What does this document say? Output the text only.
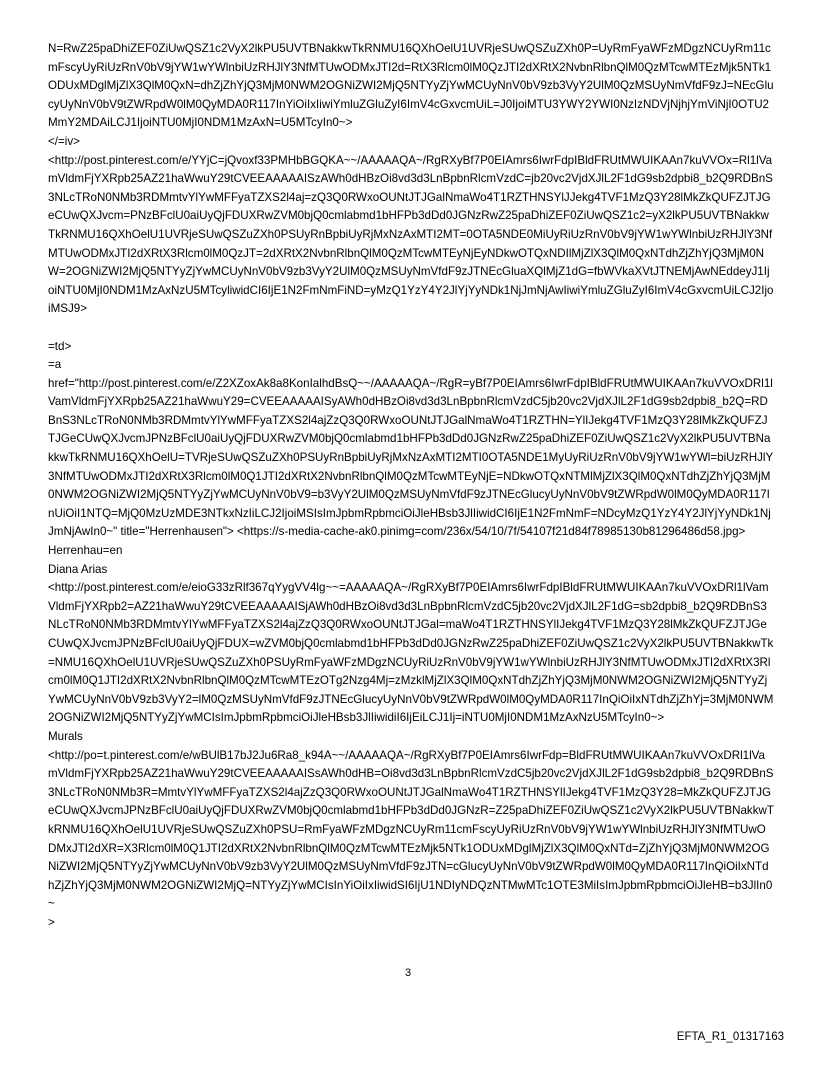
N=RwZ25paDhiZEF0ZiUwQSZ1c2VyX2lkPU5UVTBNakkwTkRNMU16QXhOelU1UVRjeSUwQSZuZXh0P=UyRmFyaWFzMDgzNCUyRm11cmFscyUyRiUzRnV0bV9jYW1wYWlnbiUzRHJlY3NfMTUwODMxJTI2d=RtX3Rlcm0lM0QzJTI2dXRtX2NvbnRlbnQlM0QzMTcwMTEzMjk5NTk1ODUxMDglMjZlX3QlM0QxN=dhZjZhYjQ3MjM0NWM2OGNiZWI2MjQ5NTYyZjYwMCUyNnV0bV9zb3VyY2UlM0QzMSUyNmVfdF9zJ=NEcGlucyUyNnV0bV9tZWRpdW0lM0QyMDA0R117InYiOiIxIiwiYmluZGluZyI6ImV4cGxvcmUiL=J0IjoiMTU3YWY2YWI0NzIzNDVjNjhjYmViNjI0OTU2MmY2MDAiLCJ1IjoiNTU0MjI0NDM1MzAxN=U5MTcyIn0~>
</=iv>
<http://post.pinterest.com/e/YYjC=jQvoxf33PMHbBGQKA~~/AAAAAQA~/RgRXyBf7P0EIAmrs6IwrFdpIBldFRUtMWUIKAAn7kuVVOx=Rl1lVamVldmFjYXRpb25AZ21haWwuY29tCVEEAAAAAISzAWh0dHBzOi8vd3d3LnBpbnRlcmVzdC=jb20vc2VjdXJlL2F1dG9sb2dpbi8_b2Q9RDBnS3NLcTRoN0NMb3RDMmtvYlYwMFFyaTZXS2l4aj=zQ3Q0RWxoOUNtJTJGalNmaWo4T1RZTHNSYlJJekg4TVF1MzQ3Y28lMkZkQUFZJTJGeCUwQXJvcm=PNzBFclU0aiUyQjFDUXRwZVM0bjQ0cmlabmd1bHFPb3dDd0JGNzRwZ25paDhiZEF0ZiUwQSZ1c2=yX2lkPU5UVTBNakkwTkRNMU16QXhOelU1UVRjeSUwQSZuZXh0PSUyRnBpbiUyRjMxNzAxMTI2MT=0OTA5NDE0MiUyRiUzRnV0bV9jYW1wYWlnbiUzRHJlY3NfMTUwODMxJTI2dXRtX3Rlcm0lM0QzJT=2dXRtX2NvbnRlbnQlM0QzMTcwMTEyNjEyNDkwOTQxNDIlMjZlX3QlM0QxNTdhZjZhYjQ3MjM0NW=2OGNiZWI2MjQ5NTYyZjYwMCUyNnV0bV9zb3VyY2UlM0QzMSUyNmVfdF9zJTNEcGluaXQlMjZ1dG=fbWVkaXVtJTNEMjAwNEddeyJ1IjoiNTU0MjI0NDM1MzAxNzU5MTcyliwidCI6IjE1N2FmNmFiND=yMzQ1YzY4Y2JlYjYyNDk1NjJmNjAwIiwiYmluZGluZyI6ImV4cGxvcmUiLCJ2IjoiMSJ9>

=td>
=a
href="http://post.pinterest.com/e/Z2XZoxAk8a8KonIalhdBsQ~~/AAAAAQA~/RgR=yBf7P0EIAmrs6IwrFdpIBldFRUtMWUIKAAn7kuVVOxDRl1lVamVldmFjYXRpb25AZ21haWwuY29=CVEEAAAAAISyAWh0dHBzOi8vd3d3LnBpbnRlcmVzdC5jb20vc2VjdXJlL2F1dG9sb2dpbi8_b2Q=RDBnS3NLcTRoN0NMb3RDMmtvYlYwMFFyaTZXS2l4ajZzQ3Q0RWxoOUNtJTJGalNmaWo4T1RZTHN=YlIJekg4TVF1MzQ3Y28lMkZkQUFZJTJGeCUwQXJvcmJPNzBFclU0aiUyQjFDUXRwZVM0bjQ0cmlabmd1bHFPb3dDd0JGNzRwZ25paDhiZEF0ZiUwQSZ1c2VyX2lkPU5UVTBNakkwTkRNMU16QXhOelU=TVRjeSUwQSZuZXh0PSUyRnBpbiUyRjMxNzAxMTI2MTI0OTA5NDE1MyUyRiUzRnV0bV9jYW1wYWl=biUzRHJlY3NfMTUwODMxJTI2dXRtX3Rlcm0lM0Q1JTI2dXRtX2NvbnRlbnQlM0QzMTcwMTEyNjE=NDkwOTQxNTMlMjZlX3QlM0QxNTdhZjZhYjQ3MjM0NWM2OGNiZWI2MjQ5NTYyZjYwMCUyNnV0bV9=b3VyY2UlM0QzMSUyNmVfdF9zJTNEcGlucyUyNnV0bV9tZWRpdW0lM0QyMDA0R117InUiOiI1NTQ=MjQ0MzUzMDE3NTkxNzIiLCJ2IjoiMSIsImJpbmRpbmciOiJleHBsb3JlIiwidCI6IjE1N2FmNmF=NDcyMzQ1YzY4Y2JlYjYyNDk1NjJmNjAwIn0~" title="Herrenhausen"> <https://s-media-cache-ak0.pinimg=com/236x/54/10/7f/54107f21d84f78985130b81296486d58.jpg>
Herrenhau=en
Diana Arias
<http://post.pinterest.com/e/eioG33zRlf367qYygVV4lg~~=AAAAAQA~/RgRXyBf7P0EIAmrs6IwrFdpIBldFRUtMWUIKAAn7kuVVOxDRl1lVamVldmFjYXRpb2=AZ21haWwuY29tCVEEAAAAAISjAWh0dHBzOi8vd3d3LnBpbnRlcmVzdC5jb20vc2VjdXJlL2F1dG=sb2dpbi8_b2Q9RDBnS3NLcTRoN0NMb3RDMmtvYlYwMFFyaTZXS2l4ajZzQ3Q0RWxoOUNtJTJGal=maWo4T1RZTHNSYlIJekg4TVF1MzQ3Y28lMkZkQUFZJTJGeCUwQXJvcmJPNzBFclU0aiUyQjFDUX=wZVM0bjQ0cmlabmd1bHFPb3dDd0JGNzRwZ25paDhiZEF0ZiUwQSZ1c2VyX2lkPU5UVTBNakkwTk=NMU16QXhOelU1UVRjeSUwQSZuZXh0PSUyRmFyaWFzMDgzNCUyRiUzRnV0bV9jYW1wYWlnbiUzRHJlY3NfMTUwODMxJTI2dXRtX3Rlcm0lM0Q1JTI2dXRtX2NvbnRlbnQlM0QzMTcwMTEzOTg2Nzg4Mj=zMzklMjZlX3QlM0QxNTdhZjZhYjQ3MjM0NWM2OGNiZWI2MjQ5NTYyZjYwMCUyNnV0bV9zb3VyY2=lM0QzMSUyNmVfdF9zJTNEcGlucyUyNnV0bV9tZWRpdW0lM0QyMDA0R117InQiOiIxNTdhZjZhYj=3MjM0NWM2OGNiZWI2MjQ5NTYyZjYwMCIsImJpbmRpbmciOiJleHBsb3JlIiwidiI6IjEiLCJ1Ij=iNTU0MjI0NDM1MzAxNzU5MTcyIn0~>
Murals
<http://po=t.pinterest.com/e/wBUlB17bJ2Ju6Ra8_k94A~~/AAAAAQA~/RgRXyBf7P0EIAmrs6IwrFdp=BldFRUtMWUIKAAn7kuVVOxDRl1lVamVldmFjYXRpb25AZ21haWwuY29tCVEEAAAAAISsAWh0dHB=Oi8vd3d3LnBpbnRlcmVzdC5jb20vc2VjdXJlL2F1dG9sb2dpbi8_b2Q9RDBnS3NLcTRoN0NMb3R=MmtvYlYwMFFyaTZXS2l4ajZzQ3Q0RWxoOUNtJTJGalNmaWo4T1RZTHNSYlIJekg4TVF1MzQ3Y28=MkZkQUFZJTJGeCUwQXJvcmJPNzBFclU0aiUyQjFDUXRwZVM0bjQ0cmlabmd1bHFPb3dDd0JGNzR=Z25paDhiZEF0ZiUwQSZ1c2VyX2lkPU5UVTBNakkwTkRNMU16QXhOelU1UVRjeSUwQSZuZXh0PSU=RmFyaWFzMDgzNCUyRm11cmFscyUyRiUzRnV0bV9jYW1wYWlnbiUzRHJlY3NfMTUwODMxJTI2dXR=X3Rlcm0lM0Q1JTI2dXRtX2NvbnRlbnQlM0QzMTcwMTEzMjk5NTk1ODUxMDglMjZlX3QlM0QxNTd=ZjZhYjQ3MjM0NWM2OGNiZWI2MjQ5NTYyZjYwMCUyNnV0bV9zb3VyY2UlM0QzMSUyNmVfdF9zJTN=cGlucyUyNnV0bV9tZWRpdW0lM0QyMDA0R117InQiOiIxNTdhZjZhYjQ3MjM0NWM2OGNiZWI2MjQ=NTYyZjYwMCIsInYiOiIxIiwidSI6IjU1NDIyNDQzNTMwMTc1OTE3MiIsImJpbmRpbmciOiJleHB=b3JlIn0~
>

3
EFTA_R1_01317163
